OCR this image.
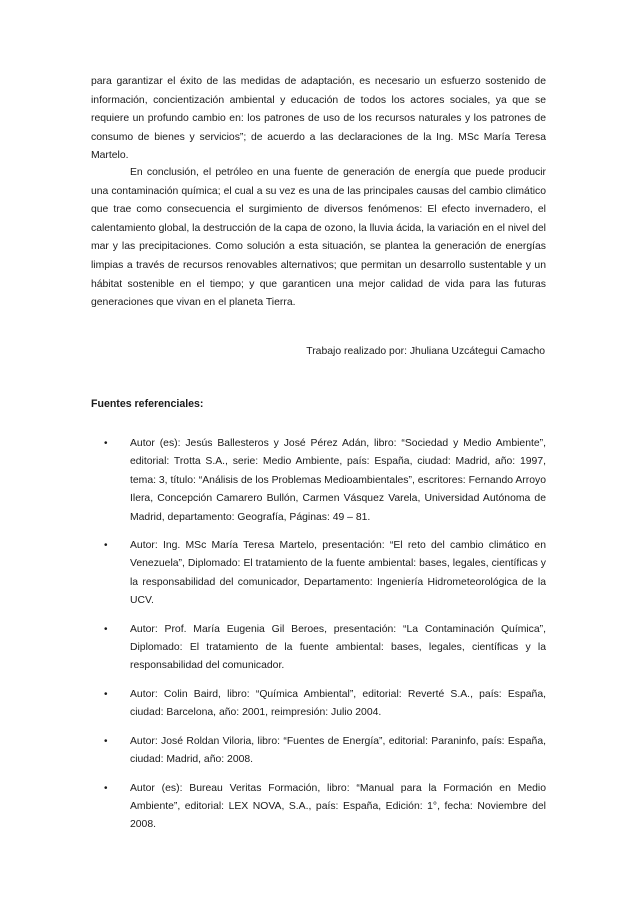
para garantizar el éxito de las medidas de adaptación, es necesario un esfuerzo sostenido de información, concientización ambiental y educación de todos los actores sociales, ya que se requiere un profundo cambio en: los patrones de uso de los recursos naturales y los patrones de consumo de bienes y servicios”; de acuerdo a las declaraciones de la Ing. MSc María Teresa Martelo.

En conclusión, el petróleo en una fuente de generación de energía que puede producir una contaminación química; el cual a su vez es una de las principales causas del cambio climático que trae como consecuencia el surgimiento de diversos fenómenos: El efecto invernadero, el calentamiento global, la destrucción de la capa de ozono, la lluvia ácida, la variación en el nivel del mar y las precipitaciones. Como solución a esta situación, se plantea la generación de energías limpias a través de recursos renovables alternativos; que permitan un desarrollo sustentable y un hábitat sostenible en el tiempo; y que garanticen una mejor calidad de vida para las futuras generaciones que vivan en el planeta Tierra.

Trabajo realizado por: Jhuliana Uzcátegui Camacho

Fuentes referenciales:

• Autor (es): Jesús Ballesteros y José Pérez Adán, libro: “Sociedad y Medio Ambiente”, editorial: Trotta S.A., serie: Medio Ambiente, país: España, ciudad: Madrid, año: 1997, tema: 3, título: “Análisis de los Problemas Medioambientales”, escritores: Fernando Arroyo Ilera, Concepción Camarero Bullón, Carmen Vásquez Varela, Universidad Autónoma de Madrid, departamento: Geografía, Páginas: 49 – 81.
• Autor: Ing. MSc María Teresa Martelo, presentación: “El reto del cambio climático en Venezuela”, Diplomado: El tratamiento de la fuente ambiental: bases, legales, científicas y la responsabilidad del comunicador, Departamento: Ingeniería Hidrometeorológica de la UCV.
• Autor: Prof. María Eugenia Gil Beroes, presentación: “La Contaminación Química”, Diplomado: El tratamiento de la fuente ambiental: bases, legales, científicas y la responsabilidad del comunicador.
• Autor: Colin Baird, libro: “Química Ambiental”, editorial: Reverté S.A., país: España, ciudad: Barcelona, año: 2001, reimpresión: Julio 2004.
• Autor: José Roldan Viloria, libro: “Fuentes de Energía”, editorial: Paraninfo, país: España, ciudad: Madrid, año: 2008.
• Autor (es): Bureau Veritas Formación, libro: “Manual para la Formación en Medio Ambiente”, editorial: LEX NOVA, S.A., país: España, Edición: 1°, fecha: Noviembre del 2008.
